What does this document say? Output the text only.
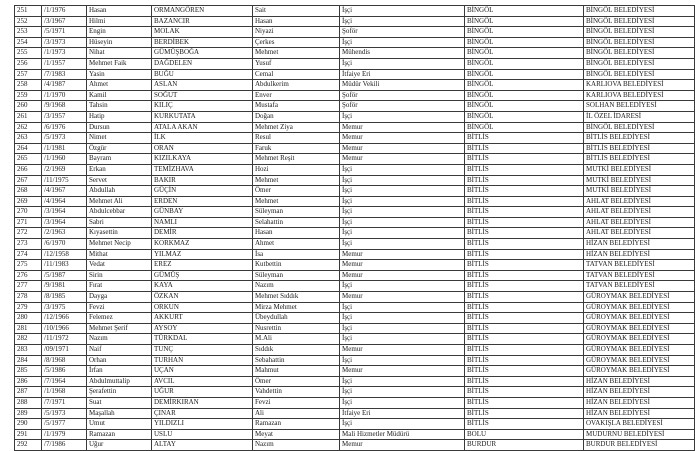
251	/1/1976	Hasan	ORMANGÖREN	Sait	İşçi	BİNGÖL	BİNGÖL BELEDİYESİ
252	/3/1967	Hilmi	BAZANCIR	Hasan	İşçi	BİNGÖL	BİNGÖL BELEDİYESİ
253	/5/1971	Engin	MOLAK	Niyazi	Şoför	BİNGÖL	BİNGÖL BELEDİYESİ
254	/3/1973	Hüseyin	BERDİBEK	Çerkes	İşçi	BİNGÖL	BİNGÖL BELEDİYESİ
255	/1/1973	Nihat	GÜMÜŞBOĞA	Mehmet	Mühendis	BİNGÖL	BİNGÖL BELEDİYESİ
256	/1/1957	Mehmet Faik	DAĞDELEN	Yusuf	İşçi	BİNGÖL	BİNGÖL BELEDİYESİ
257	/7/1983	Yasin	BUĞU	Cemal	İtfaiye Eri	BİNGÖL	BİNGÖL BELEDİYESİ
258	/4/1987	Ahmet	ASLAN	Abdulkerim	Müdür Vekili	BİNGÖL	KARLIOVA BELEDİYESİ
259	/1/1970	Kamil	SOĞUT	Enver	Şoför	BİNGÖL	KARLIOVA BELEDİYESİ
260	/9/1968	Tahsin	KILIÇ	Mustafa	Şoför	BİNGÖL	SOLHAN BELEDİYESİ
261	/3/1957	Hatip	KURKUTATA	Doğan	İşçi	BİNGÖL	İL ÖZEL İDARESİ
262	/6/1976	Dursun	ATALA AKAN	Mehmet Ziya	Memur	BİNGÖL	BİNGÖL BELEDİYESİ
263	/5/1973	Nimet	İLK	Resul	Memur	BİTLİS	BİTLİS BELEDİYESİ
264	/1/1981	Özgür	ORAN	Faruk	Memur	BİTLİS	BİTLİS BELEDİYESİ
265	/1/1960	Bayram	KIZILKAYA	Mehmet Reşit	Memur	BİTLİS	BİTLİS BELEDİYESİ
266	/2/1969	Erkan	TEMİZHAVA	Hozi	İşçi	BİTLİS	MUTKİ BELEDİYESİ
267	/11/1975	Servet	BAKIR	Mehmet	İşçi	BİTLİS	MUTKİ BELEDİYESİ
268	/4/1967	Abdullah	GÜÇİN	Ömer	İşçi	BİTLİS	MUTKİ BELEDİYESİ
269	/4/1964	Mehmet Ali	ERDEN	Mehmet	İşçi	BİTLİS	AHLAT BELEDİYESİ
270	/3/1964	Abdulcebbar	GÜNBAY	Süleyman	İşçi	BİTLİS	AHLAT BELEDİYESİ
271	/3/1964	Sabri	NAMLI	Selahattin	İşçi	BİTLİS	AHLAT BELEDİYESİ
272	/2/1963	Kıyasettin	DEMİR	Hasan	İşçi	BİTLİS	AHLAT BELEDİYESİ
273	/6/1970	Mehmet Necip	KORKMAZ	Ahmet	İşçi	BİTLİS	HİZAN BELEDİYESİ
274	/12/1958	Mithat	YILMAZ	İsa	Memur	BİTLİS	HİZAN BELEDİYESİ
275	/11/1983	Vedat	EREZ	Kutbettin	Memur	BİTLİS	TATVAN BELEDİYESİ
276	/5/1987	Sirin	GÜMÜŞ	Süleyman	Memur	BİTLİS	TATVAN BELEDİYESİ
277	/9/1981	Fırat	KAYA	Nazım	İşçi	BİTLİS	TATVAN BELEDİYESİ
278	/8/1985	Dayga	ÖZKAN	Mehmet Sıddık	Memur	BİTLİS	GÜROYMAK BELEDİYESİ
279	/3/1975	Fevzi	ORKUN	Mirza Mehmet	İşçi	BİTLİS	GÜROYMAK BELEDİYESİ
280	/12/1966	Felemez	AKKURT	Übeydullah	İşçi	BİTLİS	GÜROYMAK BELEDİYESİ
281	/10/1966	Mehmet Şerif	AYSOY	Nusrettin	İşçi	BİTLİS	GÜROYMAK BELEDİYESİ
282	/11/1972	Nazım	TÜRKDAL	M.Ali	İşçi	BİTLİS	GÜROYMAK BELEDİYESİ
283	/09/1971	Naif	TUNÇ	Sıddık	Memur	BİTLİS	GÜROYMAK BELEDİYESİ
284	/8/1968	Orhan	TURHAN	Sebahattin	İşçi	BİTLİS	GÜROYMAK BELEDİYESİ
285	/5/1986	İrfan	UÇAN	Mahmut	Memur	BİTLİS	GÜROYMAK BELEDİYESİ
286	/7/1964	Abdulmuttalip	AVCIL	Ömer	İşçi	BİTLİS	HİZAN BELEDİYESİ
287	/1/1968	Şerafettin	UĞUR	Vahdettin	İşçi	BİTLİS	HİZAN BELEDİYESİ
288	/7/1971	Suat	DEMİRKIRAN	Fevzi	İşçi	BİTLİS	HİZAN BELEDİYESİ
289	/5/1973	Maşallah	ÇINAR	Ali	İtfaiye Eri	BİTLİS	HİZAN BELEDİYESİ
290	/5/1977	Umut	YILDIZLI	Ramazan	İşçi	BİTLİS	OVAKIŞLA BELEDİYESİ
291	/1/1979	Ramazan	USLU	Meyat	Mali Hizmetler Müdürü	BOLU	MUDURNU BELEDİYESİ
292	/7/1986	Uğur	ALTAY	Nazım	Memur	BURDUR	BURDUR BELEDİYESİ
